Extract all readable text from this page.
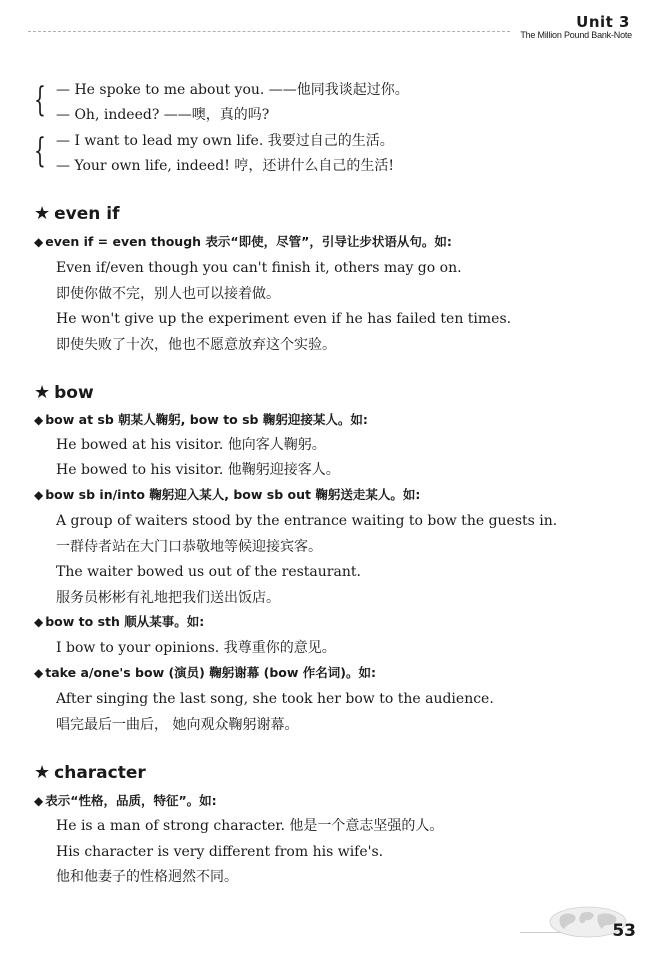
Unit 3
The Million Pound Bank-Note
{ — He spoke to me about you. ——他同我谈起过你。
— Oh, indeed? ——噢，真的吗?
{ — I want to lead my own life. 我要过自己的生活。
— Your own life, indeed! 哼，还讲什么自己的生活!
★ even if
◆ even if = even though 表示“即使，尽管”，引导让步状语从句。如:
Even if/even though you can't finish it, others may go on.
即使你做不完，别人也可以接着做。
He won't give up the experiment even if he has failed ten times.
即使失败了十次，他也不愿意放弃这个实验。
★ bow
◆ bow at sb 朝某人鞠躬, bow to sb 鞠躬迎接某人。如:
He bowed at his visitor. 他向客人鞠躬。
He bowed to his visitor. 他鞠躬迎接客人。
◆ bow sb in/into 鞠躬迎入某人, bow sb out 鞠躬送走某人。如:
A group of waiters stood by the entrance waiting to bow the guests in.
一群侍者站在大门口恭敬地等候迎接宾客。
The waiter bowed us out of the restaurant.
服务员彬彬有礼地把我们送出饭店。
◆ bow to sth 顺从某事。如:
I bow to your opinions. 我尊重你的意见。
◆ take a/one's bow (演员) 鞠躬谢幕 (bow 作名词)。如:
After singing the last song, she took her bow to the audience.
唱完最后一曲后， 她向观众鞠躬谢幕。
★ character
◆ 表示“性格，品质，特征”。如:
He is a man of strong character. 他是一个意志坚强的人。
His character is very different from his wife's.
他和他妻子的性格迥然不同。
53
